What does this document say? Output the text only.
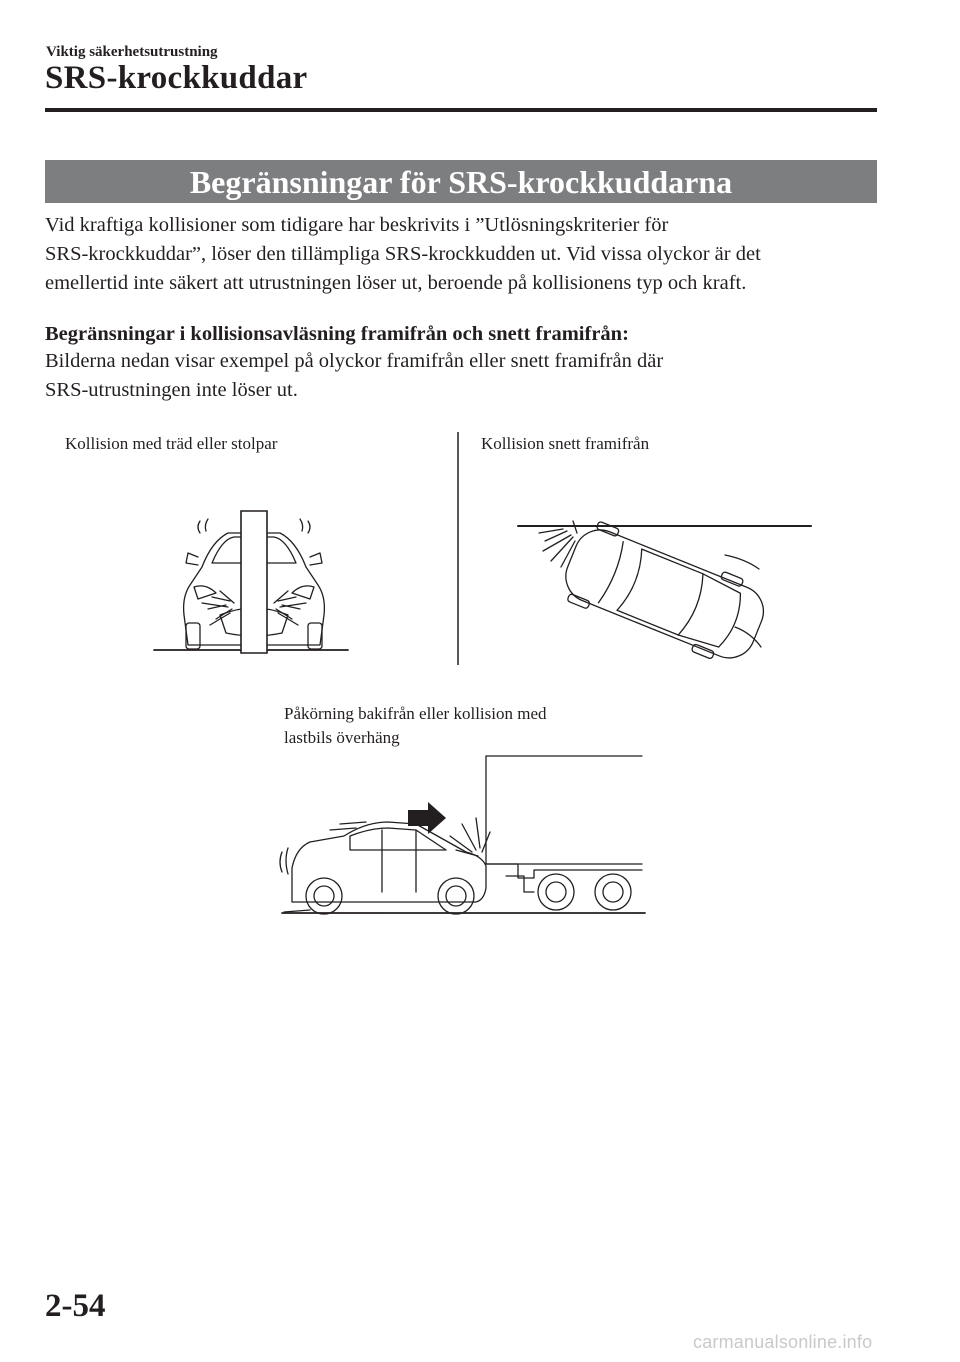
Viktig säkerhetsutrustning
SRS-krockkuddar
Begränsningar för SRS-krockkuddarna
Vid kraftiga kollisioner som tidigare har beskrivits i ”Utlösningskriterier för
SRS-krockkuddar”, löser den tillämpliga SRS-krockkudden ut. Vid vissa olyckor är det
emellertid inte säkert att utrustningen löser ut, beroende på kollisionens typ och kraft.
Begränsningar i kollisionsavläsning framifrån och snett framifrån:
Bilderna nedan visar exempel på olyckor framifrån eller snett framifrån där
SRS-utrustningen inte löser ut.
Kollision med träd eller stolpar	Kollision snett framifrån
Påkörning bakifrån eller kollision med
lastbils överhäng
2-54
carmanualsonline.info
